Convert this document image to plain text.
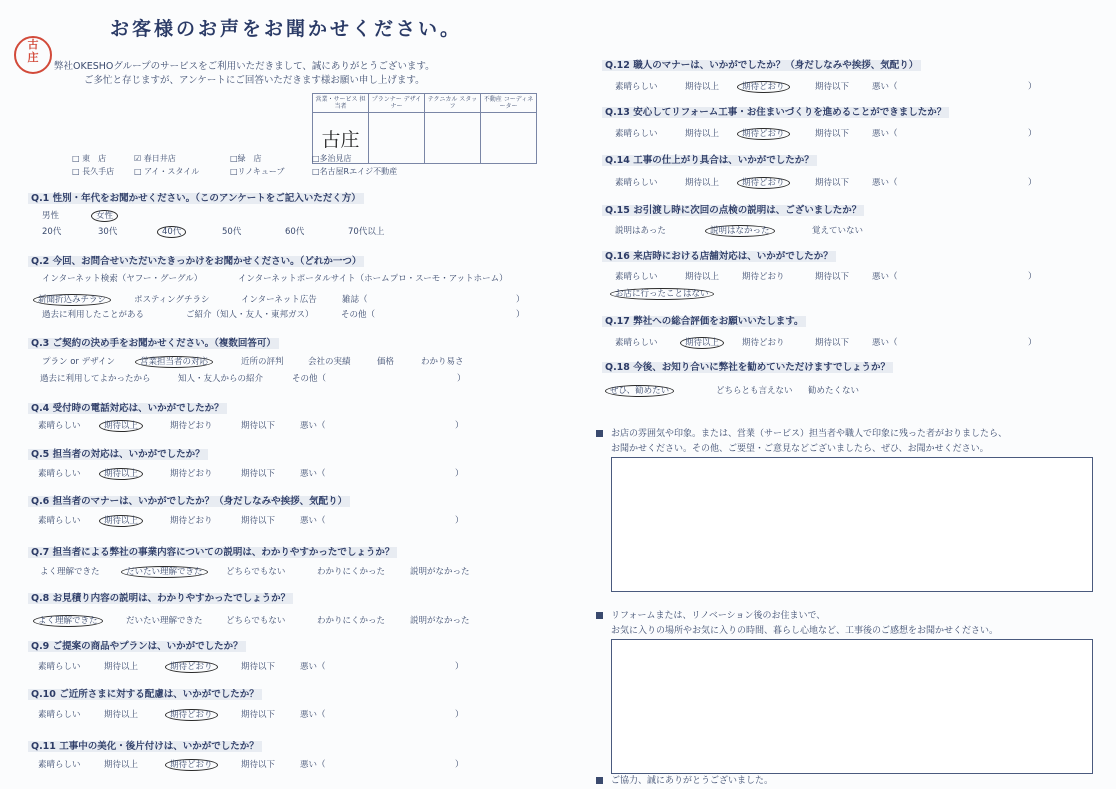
お客様のお声をお聞かせください。
古
庄
弊社OKESHOグループのサービスをご利用いただきまして、誠にありがとうございます。
ご多忙と存じますが、アンケートにご回答いただきます様お願い申し上げます。
営業・サービス 担当者	プランナー デザイナー	テクニカル スタッフ	不動産 コーディネーター
古庄			
□ 東　店	☑ 春日井店	□緑　店	□多治見店
□ 長久手店 □ アイ・スタイル	□リノキューブ	□名古屋Rエイジ不動産
Q.1 性別・年代をお聞かせください。（このアンケートをご記入いただく方）
男性	女性
20代	30代	40代	50代	60代	70代以上
Q.2 今回、お問合せいただいたきっかけをお聞かせください。（どれか一つ）
インターネット検索（ヤフー・グーグル）	インターネットポータルサイト（ホームプロ・スーモ・アットホーム）
新聞折込みチラシ	ポスティングチラシ	インターネット広告	雑誌（	）
過去に利用したことがある	ご紹介（知人・友人・東邦ガス）	その他（	）
Q.3 ご契約の決め手をお聞かせください。（複数回答可）
プラン or デザイン	営業担当者の対応	近所の評判	会社の実績	価格	わかり易さ
過去に利用してよかったから	知人・友人からの紹介	その他（	）
Q.4 受付時の電話対応は、いかがでしたか？
素晴らしい	期待以上	期待どおり	期待以下	悪い（	）
Q.5 担当者の対応は、いかがでしたか？
素晴らしい	期待以上	期待どおり	期待以下	悪い（	）
Q.6 担当者のマナーは、いかがでしたか？（身だしなみや挨拶、気配り）
素晴らしい	期待以上	期待どおり	期待以下	悪い（	）
Q.7 担当者による弊社の事業内容についての説明は、わかりやすかったでしょうか？
よく理解できた	だいたい理解できた	どちらでもない	わかりにくかった	説明がなかった
Q.8 お見積り内容の説明は、わかりやすかったでしょうか？
よく理解できた	だいたい理解できた	どちらでもない	わかりにくかった	説明がなかった
Q.9 ご提案の商品やプランは、いかがでしたか？
素晴らしい	期待以上	期待どおり	期待以下	悪い（	）
Q.10 ご近所さまに対する配慮は、いかがでしたか？
素晴らしい	期待以上	期待どおり	期待以下	悪い（	）
Q.11 工事中の美化・後片付けは、いかがでしたか？
素晴らしい	期待以上	期待どおり	期待以下	悪い（	）
Q.12 職人のマナーは、いかがでしたか？（身だしなみや挨拶、気配り）
素晴らしい	期待以上	期待どおり	期待以下	悪い（	）
Q.13 安心してリフォーム工事・お住まいづくりを進めることができましたか？
素晴らしい	期待以上	期待どおり	期待以下	悪い（	）
Q.14 工事の仕上がり具合は、いかがでしたか？
素晴らしい	期待以上	期待どおり	期待以下	悪い（	）
Q.15 お引渡し時に次回の点検の説明は、ございましたか？
説明はあった	説明はなかった	覚えていない
Q.16 来店時における店舗対応は、いかがでしたか？
素晴らしい	期待以上	期待どおり	期待以下	悪い（	）
お店に行ったことはない
Q.17 弊社への総合評価をお願いいたします。
素晴らしい	期待以上	期待どおり	期待以下	悪い（	）
Q.18 今後、お知り合いに弊社を勧めていただけますでしょうか？
ぜひ、勧めたい	どちらとも言えない 勧めたくない
お店の雰囲気や印象。または、営業（サービス）担当者や職人で印象に残った者がおりましたら、
お聞かせください。その他、ご要望・ご意見などございましたら、ぜひ、お聞かせください。
リフォームまたは、リノベーション後のお住まいで、
お気に入りの場所やお気に入りの時間、暮らし心地など、工事後のご感想をお聞かせください。
ご協力、誠にありがとうございました。
